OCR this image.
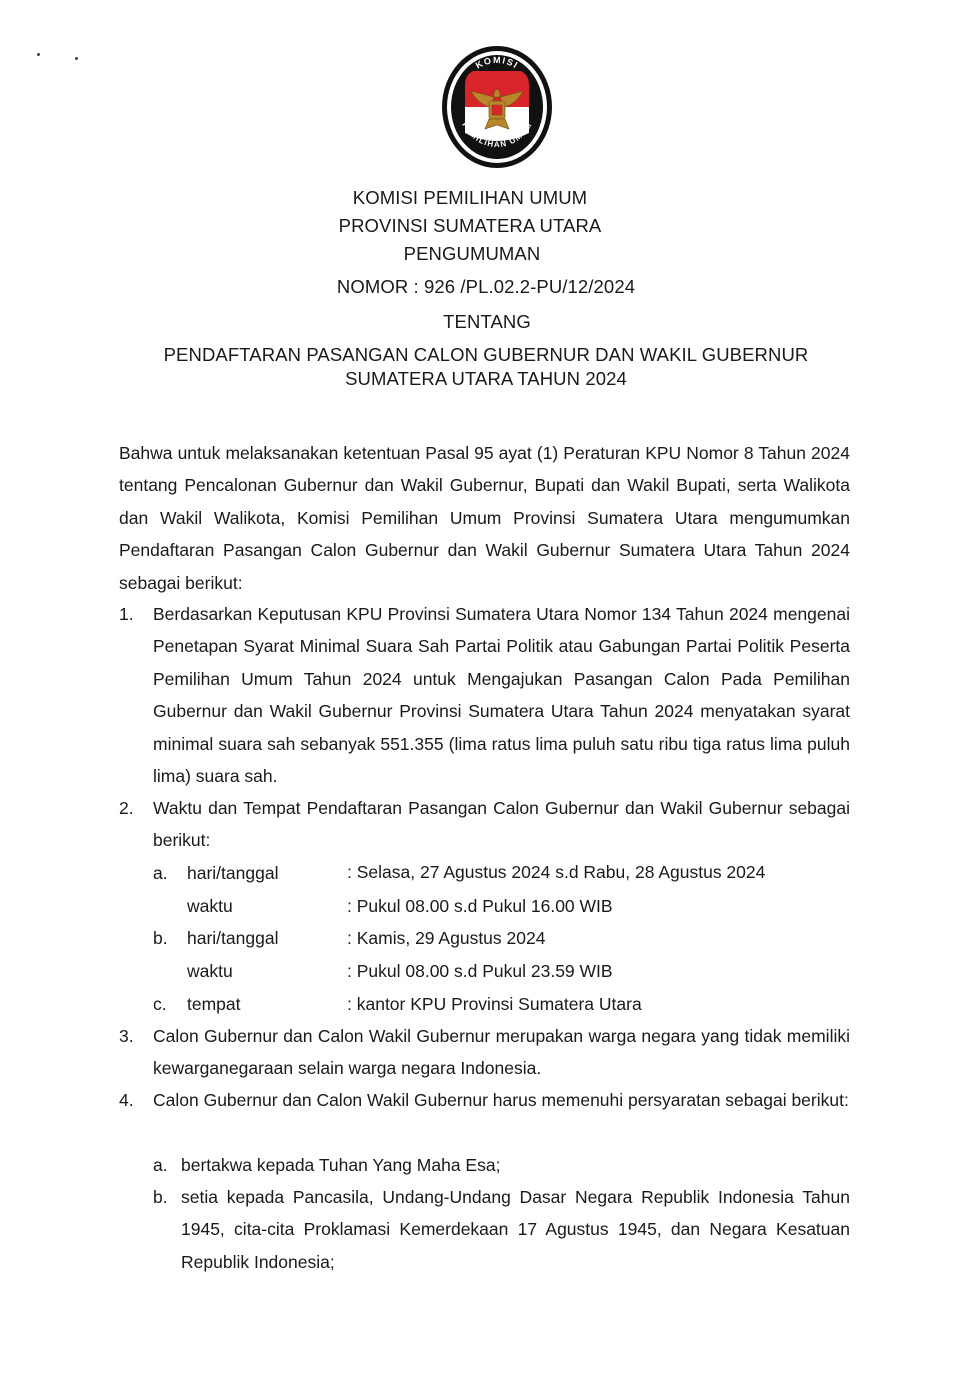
KOMISI
PEMILIHAN UMUM
KOMISI PEMILIHAN UMUM
PROVINSI SUMATERA UTARA
PENGUMUMAN
NOMOR : 926 /PL.02.2-PU/12/2024
TENTANG
PENDAFTARAN PASANGAN CALON GUBERNUR DAN WAKIL GUBERNUR
SUMATERA UTARA TAHUN 2024
Bahwa untuk melaksanakan ketentuan Pasal 95 ayat (1) Peraturan KPU Nomor 8 Tahun 2024 tentang Pencalonan Gubernur dan Wakil Gubernur, Bupati dan Wakil Bupati, serta Walikota dan Wakil Walikota, Komisi Pemilihan Umum Provinsi Sumatera Utara mengumumkan Pendaftaran Pasangan Calon Gubernur dan Wakil Gubernur Sumatera Utara Tahun 2024 sebagai berikut:
1.	Berdasarkan Keputusan KPU Provinsi Sumatera Utara Nomor 134 Tahun 2024 mengenai Penetapan Syarat Minimal Suara Sah Partai Politik atau Gabungan Partai Politik Peserta Pemilihan Umum Tahun 2024 untuk Mengajukan Pasangan Calon Pada Pemilihan Gubernur dan Wakil Gubernur Provinsi Sumatera Utara Tahun 2024 menyatakan syarat minimal suara sah sebanyak 551.355 (lima ratus lima puluh satu ribu tiga ratus lima puluh lima) suara sah.
2.	Waktu dan Tempat Pendaftaran Pasangan Calon Gubernur dan Wakil Gubernur sebagai berikut:
a. hari/tanggal	: Selasa, 27 Agustus 2024 s.d Rabu, 28 Agustus 2024
waktu	: Pukul 08.00 s.d Pukul 16.00 WIB
b. hari/tanggal	: Kamis, 29 Agustus 2024
waktu	: Pukul 08.00 s.d Pukul 23.59 WIB
c. tempat	: kantor KPU Provinsi Sumatera Utara
3.	Calon Gubernur dan Calon Wakil Gubernur merupakan warga negara yang tidak memiliki kewarganegaraan selain warga negara Indonesia.
4.	Calon Gubernur dan Calon Wakil Gubernur harus memenuhi persyaratan sebagai berikut:
a. bertakwa kepada Tuhan Yang Maha Esa;
b. setia kepada Pancasila, Undang-Undang Dasar Negara Republik Indonesia Tahun 1945, cita-cita Proklamasi Kemerdekaan 17 Agustus 1945, dan Negara Kesatuan Republik Indonesia;
